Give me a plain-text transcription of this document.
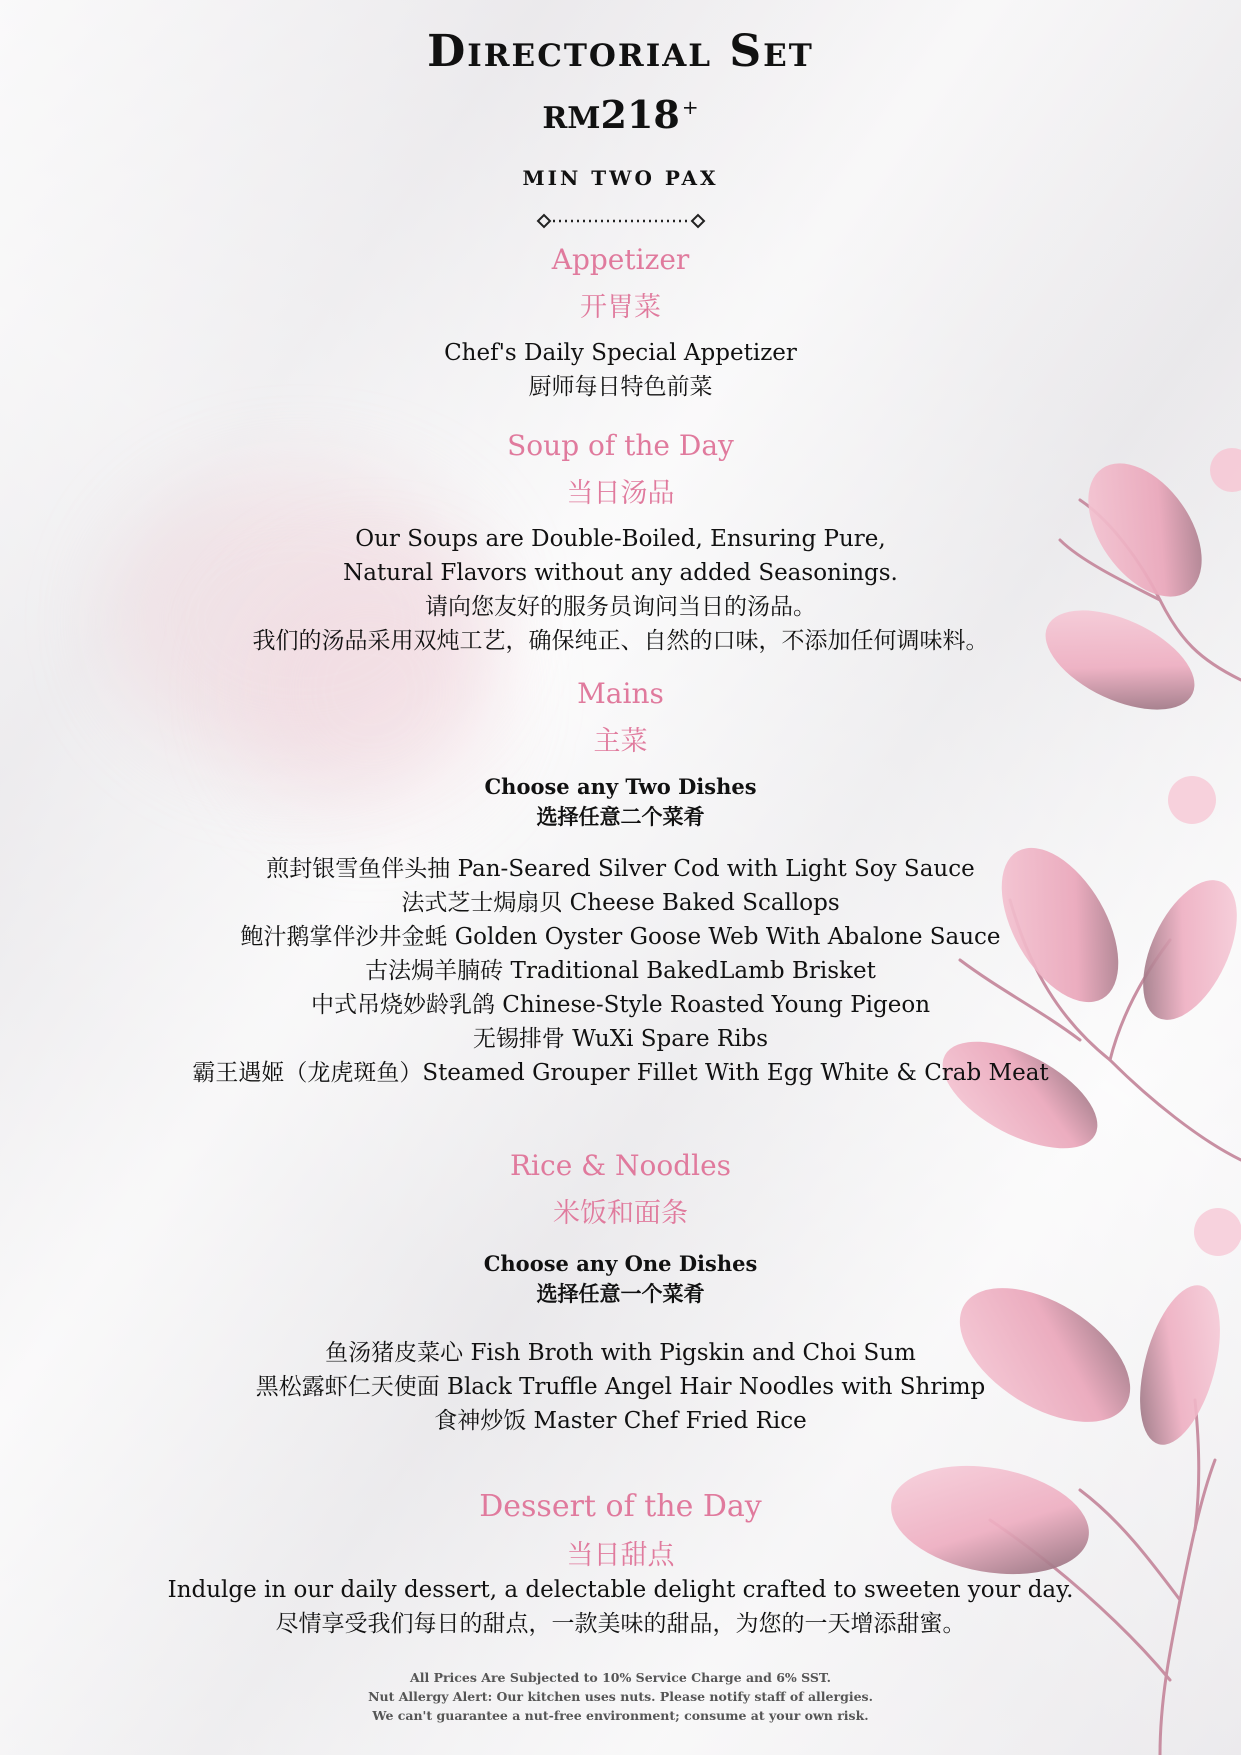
Directorial Set
RM218 +
MIN TWO PAX
Appetizer
开胃菜
Chef's Daily Special Appetizer
厨师每日特色前菜
Soup of the Day
当日汤品
Our Soups are Double-Boiled, Ensuring Pure,
Natural Flavors without any added Seasonings.
请向您友好的服务员询问当日的汤品。
我们的汤品采用双炖工艺，确保纯正、自然的口味，不添加任何调味料。
Mains
主菜
Choose any Two Dishes
选择任意二个菜肴
煎封银雪鱼伴头抽 Pan-Seared Silver Cod with Light Soy Sauce
法式芝士焗扇贝 Cheese Baked Scallops
鲍汁鹅掌伴沙井金蚝 Golden Oyster Goose Web With Abalone Sauce
古法焗羊腩砖 Traditional BakedLamb Brisket
中式吊烧妙龄乳鸽 Chinese-Style Roasted Young Pigeon
无锡排骨 WuXi Spare Ribs
霸王遇姬（龙虎斑鱼）Steamed Grouper Fillet With Egg White & Crab Meat
Rice & Noodles
米饭和面条
Choose any One Dishes
选择任意一个菜肴
鱼汤猪皮菜心 Fish Broth with Pigskin and Choi Sum
黑松露虾仁天使面 Black Truffle Angel Hair Noodles with Shrimp
食神炒饭 Master Chef Fried Rice
Dessert of the Day
当日甜点
Indulge in our daily dessert, a delectable delight crafted to sweeten your day.
尽情享受我们每日的甜点，一款美味的甜品，为您的一天增添甜蜜。
All Prices Are Subjected to 10% Service Charge and 6% SST.
Nut Allergy Alert: Our kitchen uses nuts. Please notify staff of allergies.
We can't guarantee a nut-free environment; consume at your own risk.
